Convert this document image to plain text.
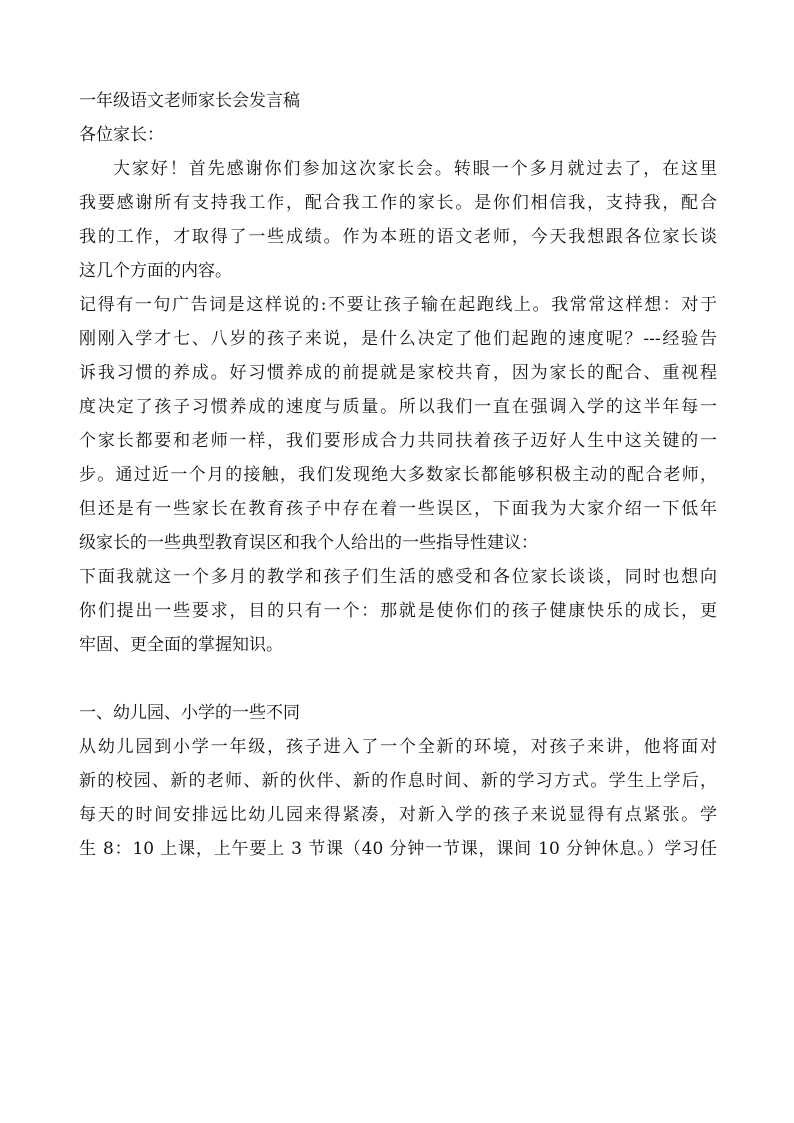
一年级语文老师家长会发言稿
各位家长：
大家好！首先感谢你们参加这次家长会。转眼一个多月就过去了，在这里
我要感谢所有支持我工作，配合我工作的家长。是你们相信我，支持我，配合
我的工作，才取得了一些成绩。作为本班的语文老师，今天我想跟各位家长谈
这几个方面的内容。
记得有一句广告词是这样说的:不要让孩子输在起跑线上。我常常这样想：对于
刚刚入学才七、八岁的孩子来说，是什么决定了他们起跑的速度呢？---经验告
诉我习惯的养成。好习惯养成的前提就是家校共育，因为家长的配合、重视程
度决定了孩子习惯养成的速度与质量。所以我们一直在强调入学的这半年每一
个家长都要和老师一样，我们要形成合力共同扶着孩子迈好人生中这关键的一
步。通过近一个月的接触，我们发现绝大多数家长都能够积极主动的配合老师，
但还是有一些家长在教育孩子中存在着一些误区，下面我为大家介绍一下低年
级家长的一些典型教育误区和我个人给出的一些指导性建议：
下面我就这一个多月的教学和孩子们生活的感受和各位家长谈谈，同时也想向
你们提出一些要求，目的只有一个：那就是使你们的孩子健康快乐的成长，更
牢固、更全面的掌握知识。
一、幼儿园、小学的一些不同
从幼儿园到小学一年级，孩子进入了一个全新的环境，对孩子来讲，他将面对
新的校园、新的老师、新的伙伴、新的作息时间、新的学习方式。学生上学后，
每天的时间安排远比幼儿园来得紧凑，对新入学的孩子来说显得有点紧张。学
生 8：10 上课，上午要上 3 节课（40 分钟一节课，课间 10 分钟休息。）学习任
